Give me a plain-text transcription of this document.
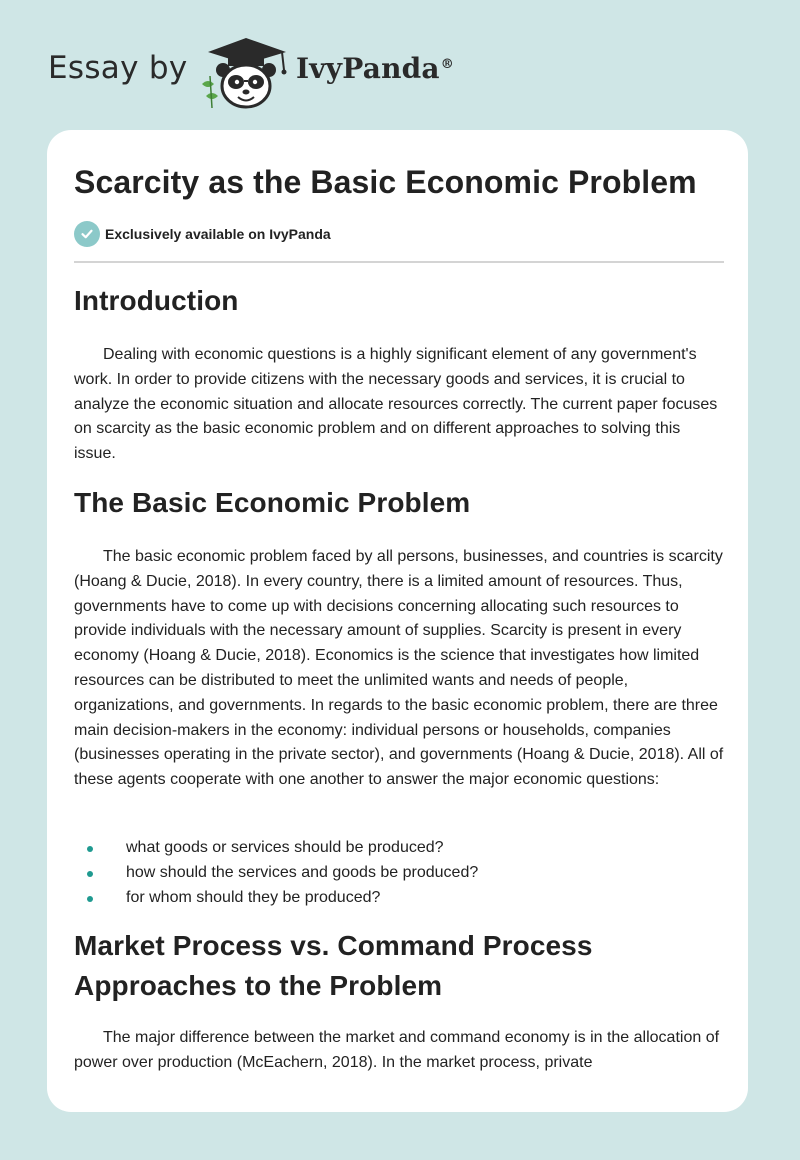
Essay by	IvyPanda®
Scarcity as the Basic Economic Problem
Exclusively available on IvyPanda
Introduction

Dealing with economic questions is a highly significant element of any government's work. In order to provide citizens with the necessary goods and services, it is crucial to analyze the economic situation and allocate resources correctly. The current paper focuses on scarcity as the basic economic problem and on different approaches to solving this issue.

The Basic Economic Problem

The basic economic problem faced by all persons, businesses, and countries is scarcity (Hoang & Ducie, 2018). In every country, there is a limited amount of resources. Thus, governments have to come up with decisions concerning allocating such resources to provide individuals with the necessary amount of supplies. Scarcity is present in every economy (Hoang & Ducie, 2018). Economics is the science that investigates how limited resources can be distributed to meet the unlimited wants and needs of people, organizations, and governments. In regards to the basic economic problem, there are three main decision-makers in the economy: individual persons or households, companies (businesses operating in the private sector), and governments (Hoang & Ducie, 2018). All of these agents cooperate with one another to answer the major economic questions:

what goods or services should be produced?
how should the services and goods be produced?
for whom should they be produced?
Market Process vs. Command Process
Approaches to the Problem

The major difference between the market and command economy is in the allocation of power over production (McEachern, 2018). In the market process, private
